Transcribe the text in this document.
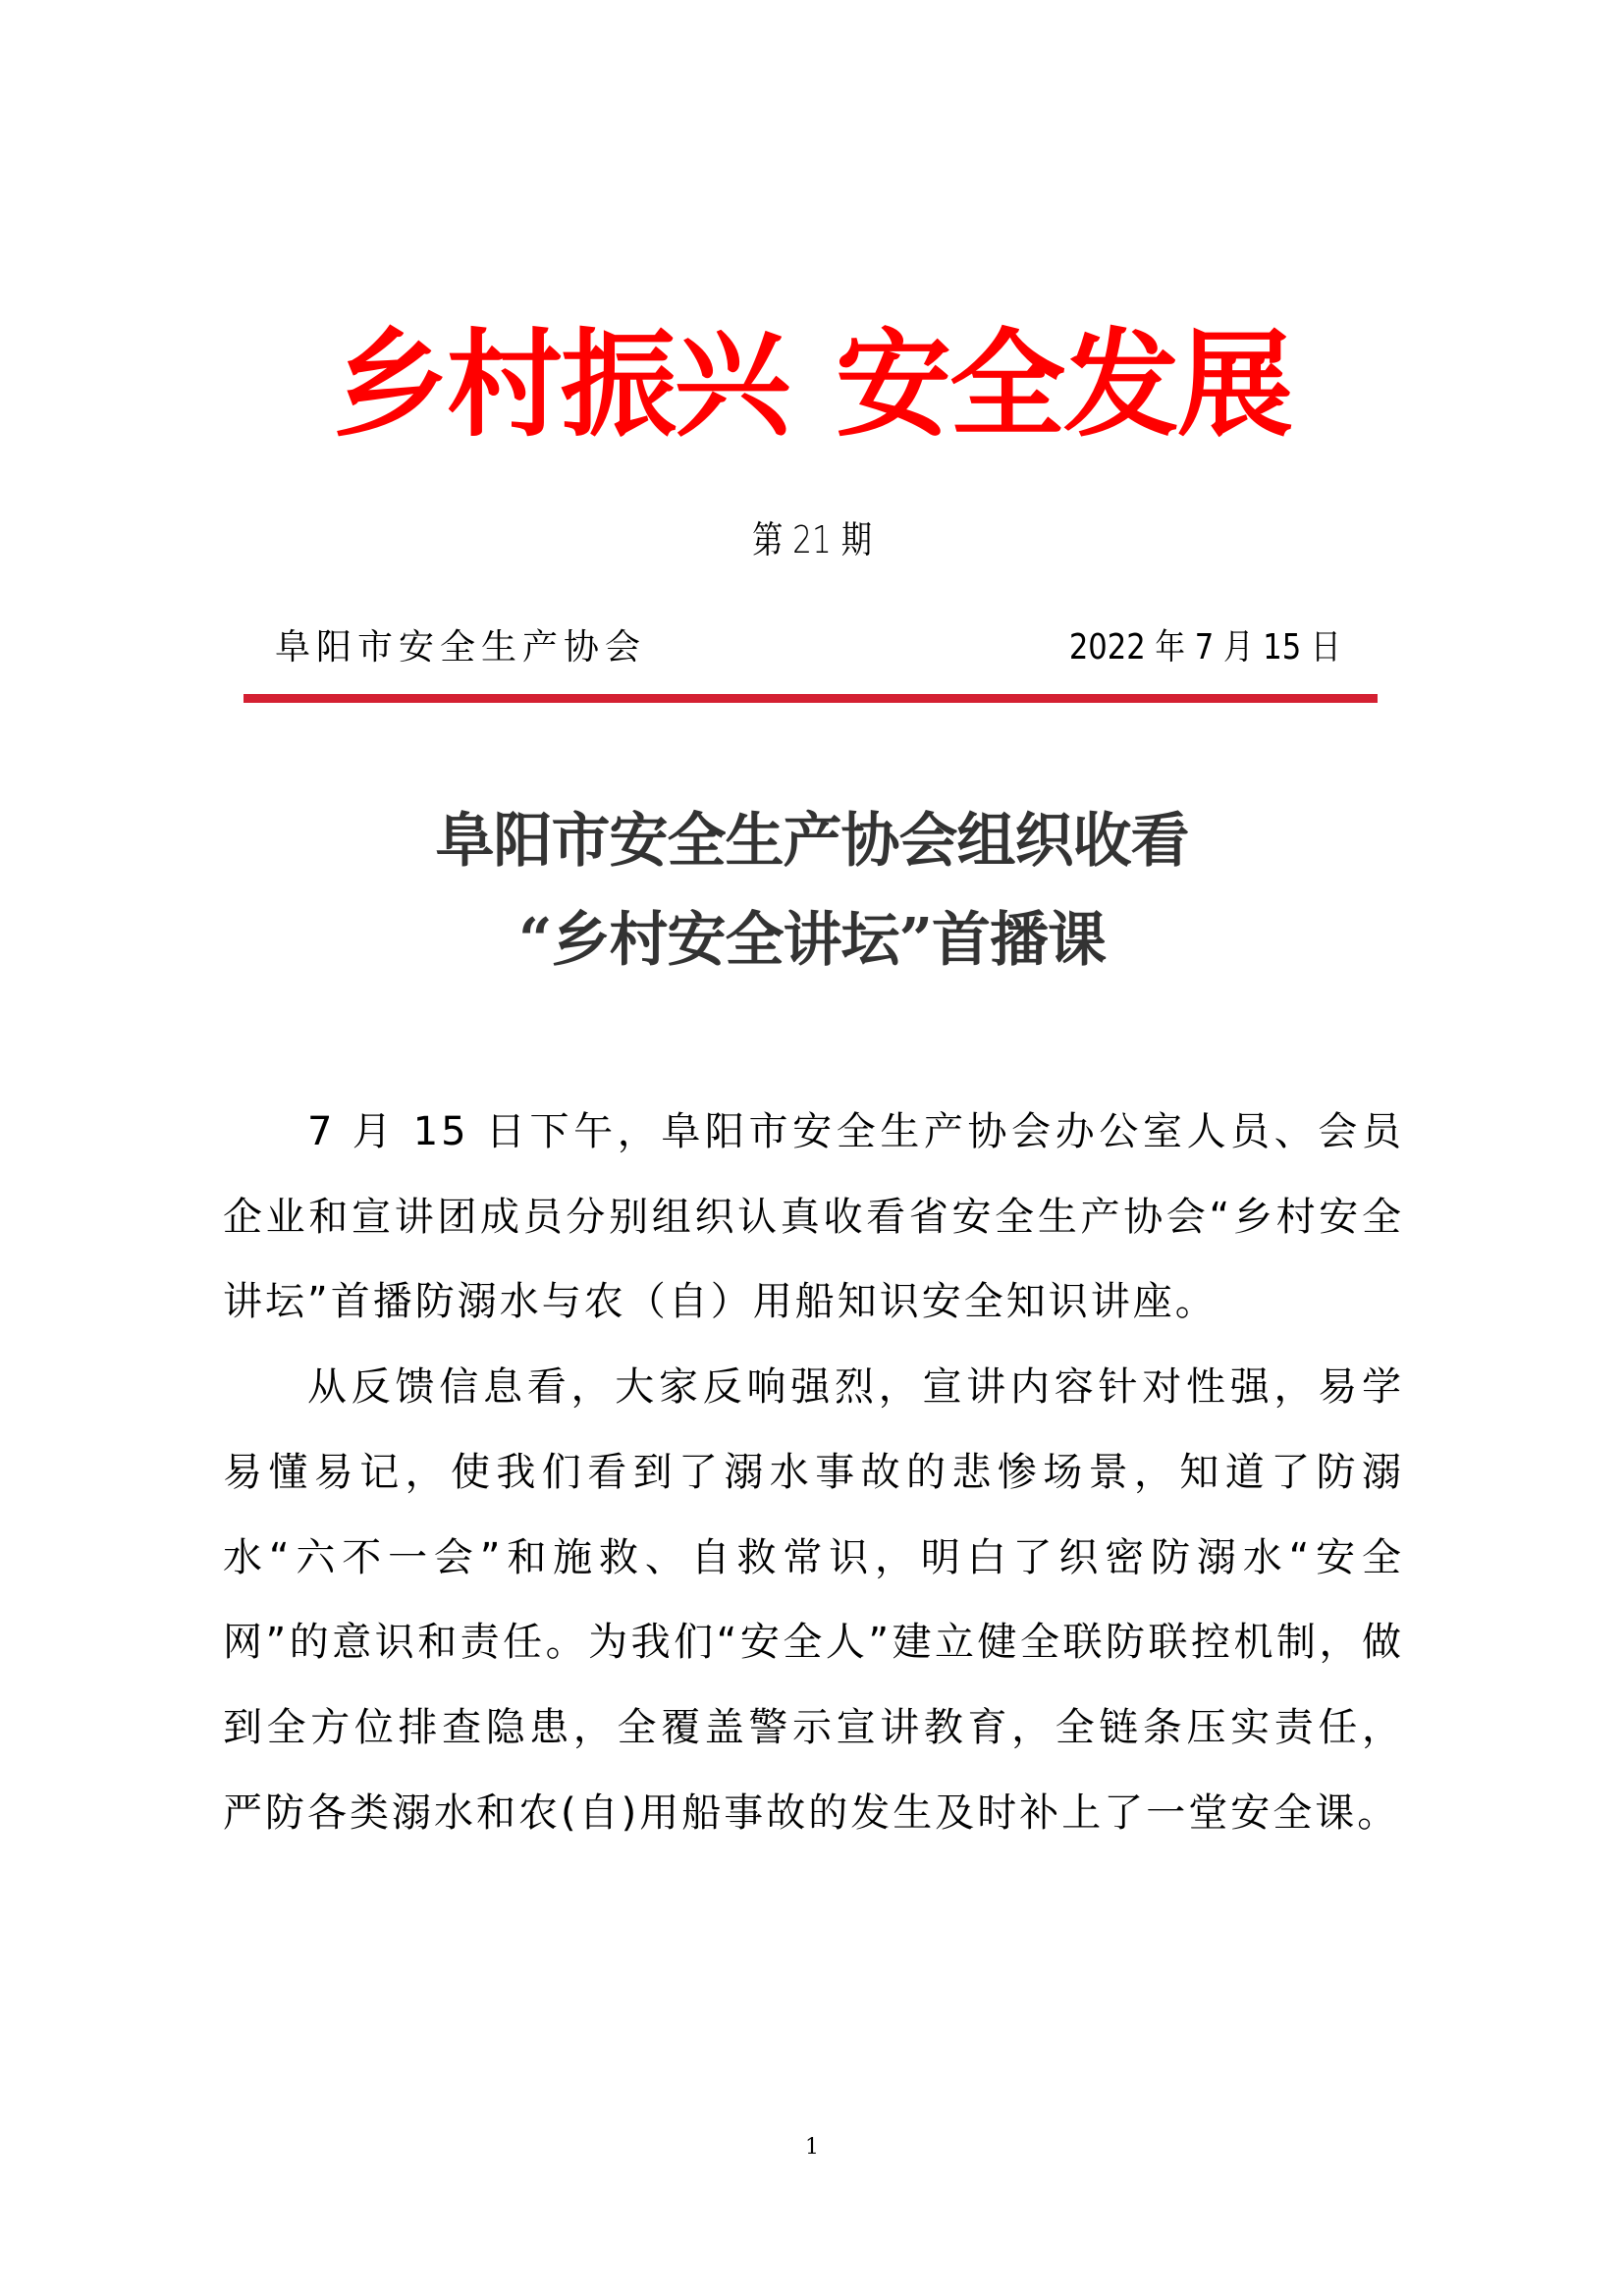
乡村振兴 安全发展
第 21 期
阜阳市安全生产协会	2022 年 7 月 15 日
阜阳市安全生产协会组织收看
“乡村安全讲坛”首播课

7 月 15 日下午，阜阳市安全生产协会办公室人员、会员企业和宣讲团成员分别组织认真收看省安全生产协会“乡村安全讲坛”首播防溺水与农（自）用船知识安全知识讲座。

从反馈信息看，大家反响强烈，宣讲内容针对性强，易学易懂易记，使我们看到了溺水事故的悲惨场景，知道了防溺水“六不一会”和施救、自救常识，明白了织密防溺水“安全网”的意识和责任。为我们“安全人”建立健全联防联控机制，做到全方位排查隐患，全覆盖警示宣讲教育，全链条压实责任，严防各类溺水和农(自)用船事故的发生及时补上了一堂安全课。

1
